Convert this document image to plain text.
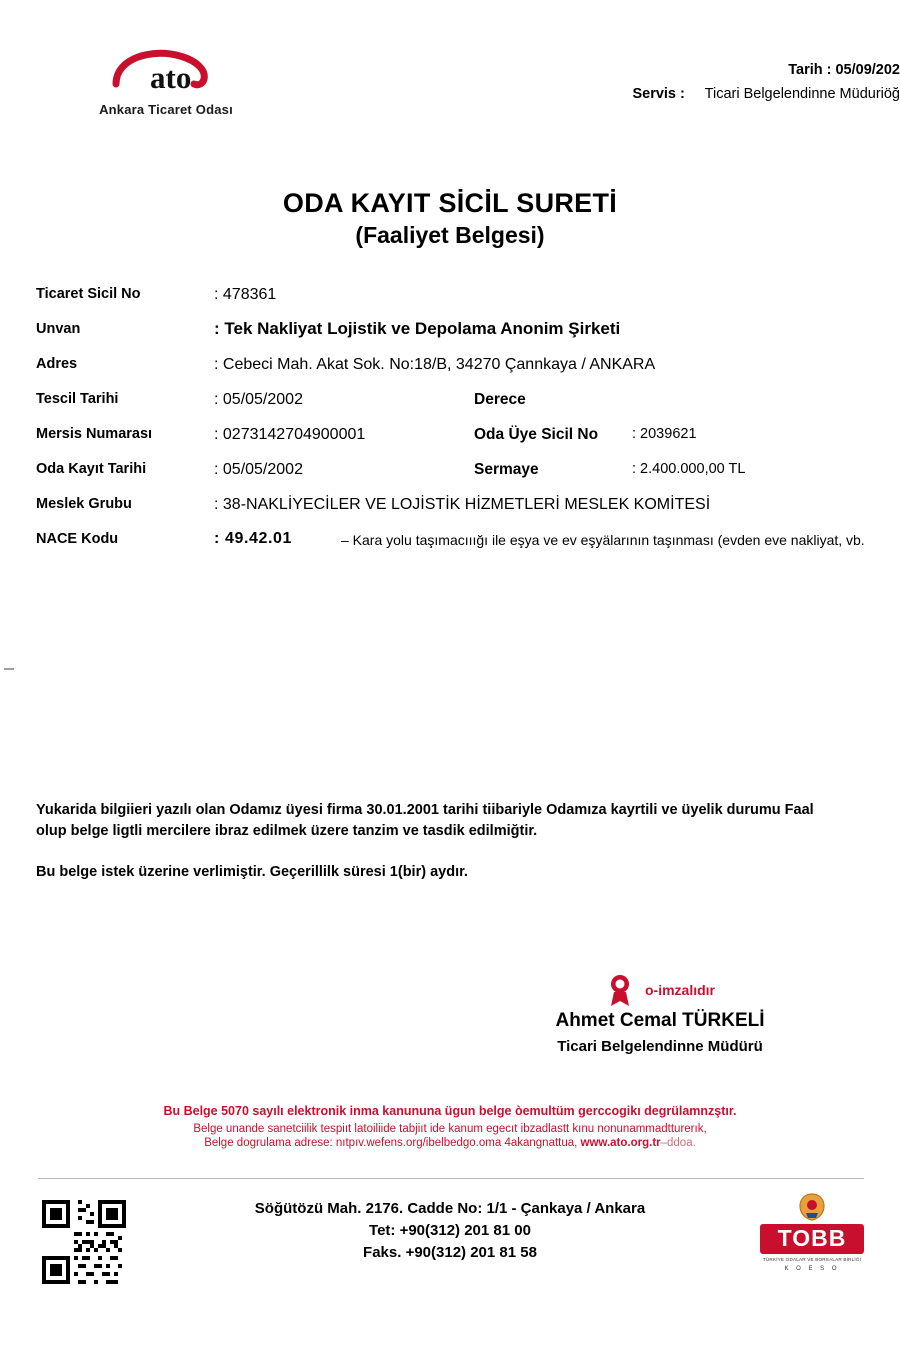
ato
Ankara Ticaret Odası
Tarih : 05/09/202
Servis : Ticari Belgelendinne Müduriöğ
ODA KAYIT SİCİL SURETİ
(Faaliyet Belgesi)
Ticaret Sicil No	: 478361
Unvan	: Tek Nakliyat Lojistik ve Depolama Anonim Şirketi
Adres	: Cebeci Mah. Akat Sok. No:18/B, 34270 Çannkaya / ANKARA
Tescil Tarihi	: 05/05/2002	Derece
Mersis Numarası	: 0273142704900001	Oda Üye Sicil No : 2039621
Oda Kayıt Tarihi	: 05/05/2002	Sermaye	: 2.400.000,00 TL
Meslek Grubu	: 38-NAKLİYECİLER VE LOJİSTİK HİZMETLERİ MESLEK KOMİTESİ
NACE Kodu	: 49.42.01	– Kara yolu taşımacııığı ile eşya ve ev eşyälarının taşınması (evden eve nakliyat, vb.
Yukarida bilgiieri yazılı olan Odamız üyesi firma 30.01.2001 tarihi tiibariyle Odamıza kayrtili ve üyelik durumu Faal
olup belge ligtli mercilere ibraz edilmek üzere tanzim ve tasdik edilmiğtir.
Bu belge istek üzerine verlimiştir. Geçerillilk süresi 1(bir) aydır.
o-imzalıdır
Ahmet Cemal TÜRKELİ
Ticari Belgelendinne Müdürü
Bu Belge 5070 sayılı elektronik inma kanununa ügun belge òemultüm gerccogikı degrülamnzştır.
Belge unande sanetciilik tespiıt latoiliide tabjiıt ide kanum egecıt ibzadlastt kınu nonunammadtturerık,
Belge dogrulama adrese: nıtpıv.wefens.org/ibelbedgo.oma 4akangnattua, www.ato.org.tr–ddoa.
Söğütözü Mah. 2176. Cadde No: 1/1 - Çankaya / Ankara
Tet: +90(312) 201 81 00
Faks. +90(312) 201 81 58
TOBB
TÜRKİYE ODALAR VE BORSALAR BİRLİĞİ
K O E S O
